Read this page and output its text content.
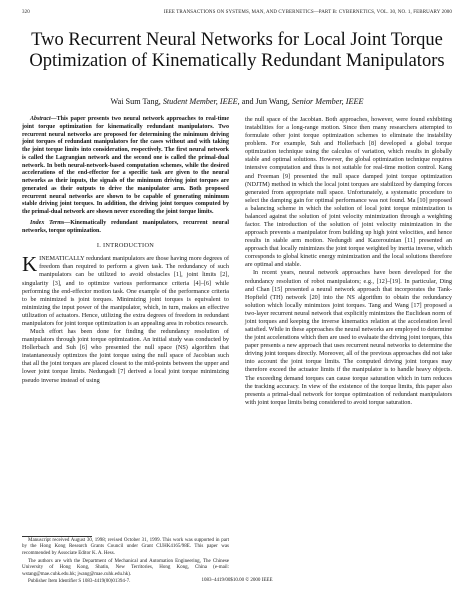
320	IEEE TRANSACTIONS ON SYSTEMS, MAN, AND CYBERNETICS—PART B: CYBERNETICS, VOL. 30, NO. 1, FEBRUARY 2000
Two Recurrent Neural Networks for Local Joint Torque Optimization of Kinematically Redundant Manipulators
Wai Sum Tang, Student Member, IEEE, and Jun Wang, Senior Member, IEEE
Abstract—This paper presents two neural network approaches to real-time joint torque optimization for kinematically redundant manipulators. Two recurrent neural networks are proposed for determining the minimum driving joint torques of redundant manipulators for the cases without and with taking the joint torque limits into consideration, respectively. The first neural network is called the Lagrangian network and the second one is called the primal-dual network. In both neural-network-based computation schemes, while the desired accelerations of the end-effector for a specific task are given to the neural networks as their inputs, the signals of the minimum driving joint torques are generated as their outputs to drive the manipulator arm. Both proposed recurrent neural networks are shown to be capable of generating minimum stable driving joint torques. In addition, the driving joint torques computed by the primal-dual network are shown never exceeding the joint torque limits.
Index Terms—Kinematically redundant manipulators, recurrent neural networks, torque optimization.
I. INTRODUCTION

KINEMATICALLY redundant manipulators are those having more degrees of freedom than required to perform a given task. The redundancy of such manipulators can be utilized to avoid obstacles [1], joint limits [2], singularity [3], and to optimize various performance criteria [4]–[6] while performing the end-effector motion task. One example of the performance criteria to be minimized is joint torques. Minimizing joint torques is equivalent to minimizing the input power of the manipulator, which, in turn, makes an effective utilization of actuators. Hence, utilizing the extra degrees of freedom in redundant manipulators for joint torque optimization is an appealing area in robotics research.

Much effort has been done for finding the redundancy resolution of manipulators through joint torque optimization. An initial study was conducted by Hollerbach and Suh [6] who presented the null space (NS) algorithm that instantaneously optimizes the joint torque using the null space of Jacobian such that all the joint torques are placed closest to the mid-points between the upper and lower joint torque limits. Nedungadi [7] derived a local joint torque minimizing pseudo inverse instead of using

Manuscript received August 30, 1998; revised October 31, 1999. This work was supported in part by the Hong Kong Research Grants Council under Grant CUHK4165/98E. This paper was recommended by Associate Editor K. A. Hess.

The authors are with the Department of Mechanical and Automation Engineering, The Chinese University of Hong Kong, Shatin, New Territories, Hong Kong, China (e-mail: wstang@mae.cuhk.edu.hk; jwang@mae.cuhk.edu.hk).

Publisher Item Identifier S 1083-4419(00)01394-7.

the null space of the Jacobian. Both approaches, however, were found exhibiting instabilities for a long-range motion. Since then many researchers attempted to formulate other joint torque optimization schemes to eliminate the instability problem. For example, Suh and Hollerbach [8] developed a global torque optimization technique using the calculus of variation, which results in globally stable and optimal solutions. However, the global optimization technique requires intensive computation and thus is not suitable for real-time motion control. Kang and Freeman [9] presented the null space damped joint torque optimization (NDJTM) method in which the local joint torques are stabilized by damping forces generated from appropriate null space. Unfortunately, a systematic procedure to select the damping gain for optimal performance was not found. Ma [10] proposed a balancing scheme in which the solution of local joint torque minimization is balanced against the solution of joint velocity minimization through a weighting factor. The introduction of the solution of joint velocity minimization in the approach prevents a manipulator from building up high joint velocities, and hence results in stable arm motion. Nedungdi and Kazerouinian [11] presented an approach that locally minimizes the joint torque weighted by inertia inverse, which corresponds to global kinetic energy minimization and the local solutions therefore are optimal and stable.

In recent years, neural network approaches have been developed for the redundancy resolution of robot manipulators; e.g., [12]–[19]. In particular, Ding and Chan [15] presented a neural network approach that incorporates the Tank-Hopfield (TH) network [20] into the NS algorithm to obtain the redundancy solution which locally minimizes joint torques. Tang and Wang [17] proposed a two-layer recurrent neural network that explicitly minimizes the Euclidean norm of joint torques and keeping the inverse kinematics relation at the acceleration level satisfied. While in these approaches the neural networks are employed to determine the joint accelerations which then are used to evaluate the driving joint torques, this paper presents a new approach that uses recurrent neural networks to determine the driving joint torques directly. Moreover, all of the previous approaches did not take into account the joint torque limits. The computed driving joint torques may therefore exceed the actuator limits if the manipulator is to handle heavy objects. The exceeding demand torques can cause torque saturation which in turn reduces the tracking accuracy. In view of the existence of the torque limits, this paper also presents a primal-dual network for torque optimization of redundant manipulators with joint torque limits being considered to avoid torque saturation.

1083–4419/00$10.00 © 2000 IEEE
